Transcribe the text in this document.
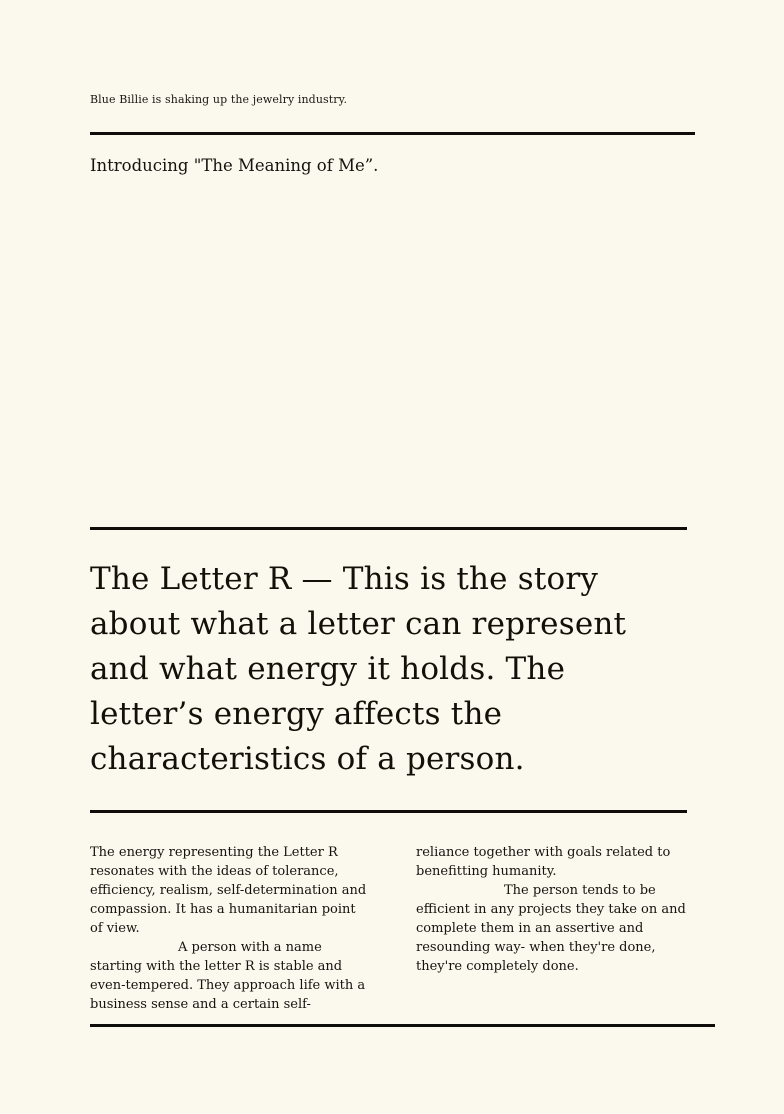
Blue Billie is shaking up the jewelry industry.
Introducing "The Meaning of Me”.
The Letter R — This is the story
about what a letter can represent
and what energy it holds. The
letter’s energy affects the
characteristics of a person.

The energy representing the Letter R resonates with the ideas of tolerance, efficiency, realism, self-determination and compassion. It has a humanitarian point of view.

A person with a name starting with the letter R is stable and even-tempered. They approach life with a business sense and a certain self-

reliance together with goals related to benefitting humanity.

The person tends to be efficient in any projects they take on and complete them in an assertive and resounding way- when they're done, they're completely done.
